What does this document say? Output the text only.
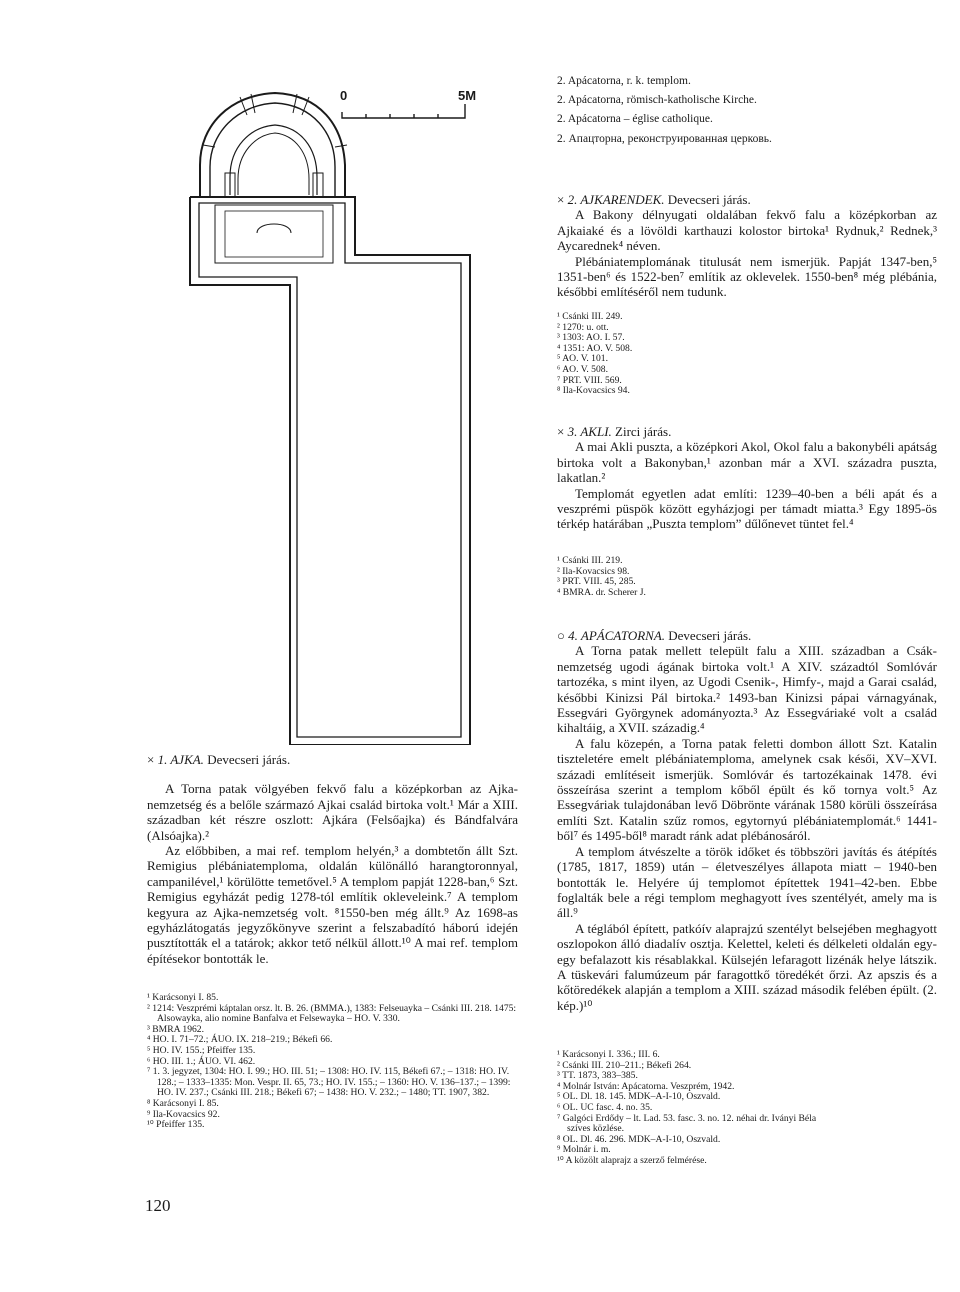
0	5M
2. Apácatorna, r. k. templom.
2. Apácatorna, römisch-katholische Kirche.
2. Apácatorna – église catholique.
2. Апацторна, реконструированная церковь.
× 2. AJKARENDEK. Devecseri járás.

A Bakony délnyugati oldalában fekvő falu a középkorban az Ajkaiaké és a lövöldi karthauzi kolostor birtoka¹ Rydnuk,² Rednek,³ Aycarednek⁴ néven.

Plébániatemplomának titulusát nem ismerjük. Papját 1347-ben,⁵ 1351-ben⁶ és 1522-ben⁷ említik az oklevelek. 1550-ben⁸ még plébánia, későbbi említéséről nem tudunk.

¹ Csánki III. 249.
² 1270: u. ott.
³ 1303: AO. I. 57.
⁴ 1351: AO. V. 508.
⁵ AO. V. 101.
⁶ AO. V. 508.
⁷ PRT. VIII. 569.
⁸ Ila-Kovacsics 94.
× 3. AKLI. Zirci járás.

A mai Akli puszta, a középkori Akol, Okol falu a bakonybéli apátság birtoka volt a Bakonyban,¹ azonban már a XVI. századra puszta, lakatlan.²

Templomát egyetlen adat említi: 1239–40-ben a béli apát és a veszprémi püspök között egyházjogi per támadt miatta.³ Egy 1895-ös térkép határában „Puszta templom” dűlőnevet tüntet fel.⁴

¹ Csánki III. 219.
² Ila-Kovacsics 98.
³ PRT. VIII. 45, 285.
⁴ BMRA. dr. Scherer J.
× 1. AJKA. Devecseri járás.

A Torna patak völgyében fekvő falu a középkorban az Ajka-nemzetség és a belőle származó Ajkai család birtoka volt.¹ Már a XIII. században két részre oszlott: Ajkára (Felsőajka) és Bándfalvára (Alsóajka).²

Az előbbiben, a mai ref. templom helyén,³ a dombtetőn állt Szt. Remigius plébániatemploma, oldalán különálló harangtoronnyal, campanilével,¹ körülötte temetővel.⁵ A templom papját 1228-ban,⁶ Szt. Remigius egyházát pedig 1278-tól említik okleveleink.⁷ A templom kegyura az Ajka-nemzetség volt. ⁸1550-ben még állt.⁹ Az 1698-as egyházlátogatás jegyzőkönyve szerint a felszabadító háború idején pusztították el a tatárok; akkor tető nélkül állott.¹⁰ A mai ref. templom építésekor bontották le.

¹ Karácsonyi I. 85.
² 1214: Veszprémi káptalan orsz. lt. B. 26. (BMMA.), 1383: Felseuayka – Csánki III. 218. 1475: Alsowayka, alio nomine Banfalva et Felsewayka – HO. V. 330.
³ BMRA 1962.
⁴ HO. I. 71–72.; ÁUO. IX. 218–219.; Békefi 66.
⁵ HO. IV. 155.; Pfeiffer 135.
⁶ HO. III. 1.; ÁUO. VI. 462.
⁷ 1. 3. jegyzet, 1304: HO. I. 99.; HO. III. 51; – 1308: HO. IV. 115, Békefi 67.; – 1318: HO. IV. 128.; – 1333–1335: Mon. Vespr. II. 65, 73.; HO. IV. 155.; – 1360: HO. V. 136–137.; – 1399: HO. IV. 237.; Csánki III. 218.; Békefi 67; – 1438: HO. V. 232.; – 1480; TT. 1907, 382.
⁸ Karácsonyi I. 85.
⁹ Ila-Kovacsics 92.
¹⁰ Pfeiffer 135.
○ 4. APÁCATORNA. Devecseri járás.

A Torna patak mellett települt falu a XIII. században a Csák-nemzetség ugodi ágának birtoka volt.¹ A XIV. századtól Somlóvár tartozéka, s mint ilyen, az Ugodi Csenik-, Himfy-, majd a Garai család, későbbi Kinizsi Pál birtoka.² 1493-ban Kinizsi pápai várnagyának, Essegvári Györgynek adományozta.³ Az Essegváriaké volt a család kihaltáig, a XVII. századig.⁴

A falu közepén, a Torna patak feletti dombon állott Szt. Katalin tiszteletére emelt plébániatemploma, amelynek csak késői, XV–XVI. századi említéseit ismerjük. Somlóvár és tartozékainak 1478. évi összeírása szerint a templom kőből épült és kő tornya volt.⁵ Az Essegváriak tulajdonában levő Döbrönte várának 1580 körüli összeírása említi Szt. Katalin szűz romos, egytornyú plébániatemplomát.⁶ 1441-ből⁷ és 1495-ből⁸ maradt ránk adat plébánosáról.

A templom átvészelte a török időket és többszöri javítás és átépítés (1785, 1817, 1859) után – életveszélyes állapota miatt – 1940-ben bontották le. Helyére új templomot építettek 1941–42-ben. Ebbe foglalták bele a régi templom meghagyott íves szentélyét, amely ma is áll.⁹

A téglából épített, patkóív alaprajzú szentélyt belsejében meghagyott oszlopokon álló diadalív osztja. Kelettel, keleti és délkeleti oldalán egy-egy befalazott kis résablakkal. Külsején lefaragott lizénák helye látszik. A tüskevári falumúzeum pár faragottkő töredékét őrzi. Az apszis és a kőtöredékek alapján a templom a XIII. század második felében épült. (2. kép.)¹⁰

¹ Karácsonyi I. 336.; III. 6.
² Csánki III. 210–211.; Békefi 264.
³ TT. 1873, 383–385.
⁴ Molnár István: Apácatorna. Veszprém, 1942.
⁵ OL. Dl. 18. 145. MDK–A-I-10, Oszvald.
⁶ OL. UC fasc. 4. no. 35.
⁷ Galgóci Erdődy – lt. Lad. 53. fasc. 3. no. 12. néhai dr. Iványi Béla szíves közlése.
⁸ OL. Dl. 46. 296. MDK–A-I-10, Oszvald.
⁹ Molnár i. m.
¹⁰ A közölt alaprajz a szerző felmérése.
120
